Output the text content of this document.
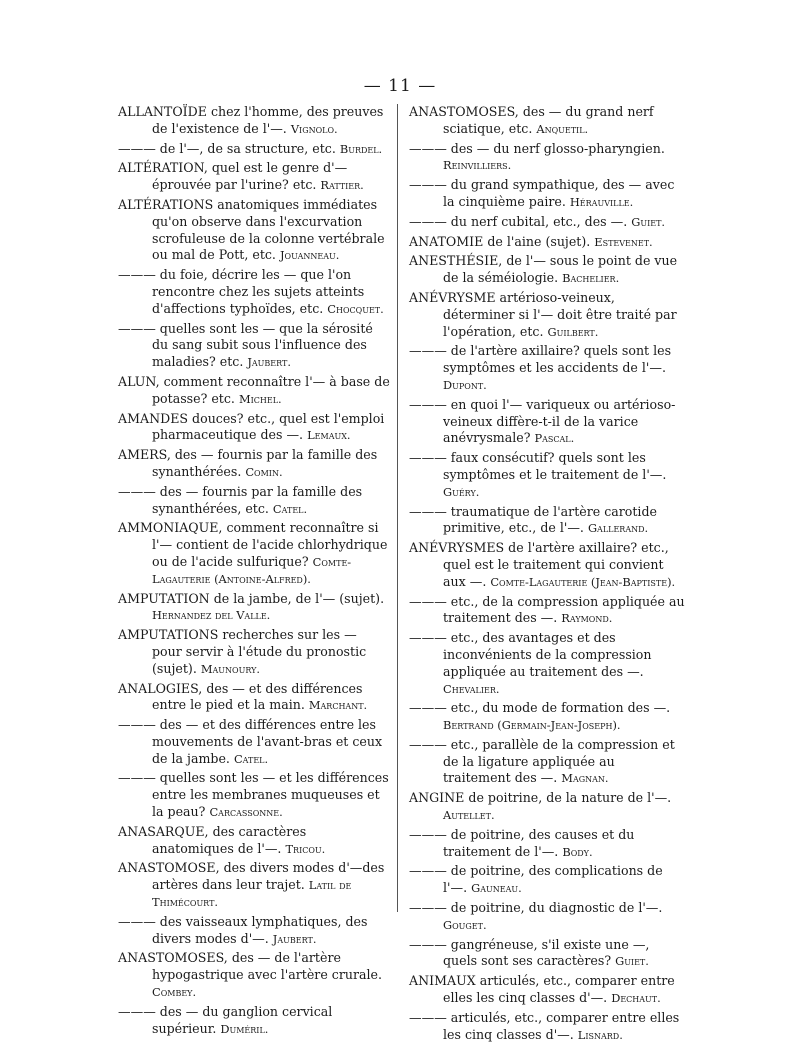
— 11 —
ALLANTOÏDE chez l'homme, des preuves de l'existence de l'—. Vignolo.
——— de l'—, de sa structure, etc. Burdel.
ALTÉRATION, quel est le genre d'— éprouvée par l'urine? etc. Rattier.
ALTÉRATIONS anatomiques immédiates qu'on observe dans l'excurvation scrofuleuse de la colonne vertébrale ou mal de Pott, etc. Jouanneau.
——— du foie, décrire les — que l'on rencontre chez les sujets atteints d'affections typhoïdes, etc. Chocquet.
——— quelles sont les — que la sérosité du sang subit sous l'influence des maladies? etc. Jaubert.
ALUN, comment reconnaître l'— à base de potasse? etc. Michel.
AMANDES douces? etc., quel est l'emploi pharmaceutique des —. Lemaux.
AMERS, des — fournis par la famille des synanthérées. Comin.
——— des — fournis par la famille des synanthérées, etc. Catel.
AMMONIAQUE, comment reconnaître si l'— contient de l'acide chlorhydrique ou de l'acide sulfurique? Comte-Lagauterie (Antoine-Alfred).
AMPUTATION de la jambe, de l'— (sujet). Hernandez del Valle.
AMPUTATIONS recherches sur les — pour servir à l'étude du pronostic (sujet). Maunoury.
ANALOGIES, des — et des différences entre le pied et la main. Marchant.
——— des — et des différences entre les mouvements de l'avant-bras et ceux de la jambe. Catel.
——— quelles sont les — et les différences entre les membranes muqueuses et la peau? Carcassonne.
ANASARQUE, des caractères anatomiques de l'—. Tricou.
ANASTOMOSE, des divers modes d'—des artères dans leur trajet. Latil de Thimécourt.
——— des vaisseaux lymphatiques, des divers modes d'—. Jaubert.
ANASTOMOSES, des — de l'artère hypogastrique avec l'artère crurale. Combey.
——— des — du ganglion cervical supérieur. Duméril.
ANASTOMOSES, des — du grand nerf sciatique, etc. Anquetil.
——— des — du nerf glosso-pharyngien. Reinvilliers.
——— du grand sympathique, des — avec la cinquième paire. Hérauville.
——— du nerf cubital, etc., des —. Guiet.
ANATOMIE de l'aine (sujet). Estevenet.
ANESTHÉSIE, de l'— sous le point de vue de la séméiologie. Bachelier.
ANÉVRYSME artérioso-veineux, déterminer si l'— doit être traité par l'opération, etc. Guilbert.
——— de l'artère axillaire? quels sont les symptômes et les accidents de l'—. Dupont.
——— en quoi l'— variqueux ou artérioso-veineux diffère-t-il de la varice anévrysmale? Pascal.
——— faux consécutif? quels sont les symptômes et le traitement de l'—. Guéry.
——— traumatique de l'artère carotide primitive, etc., de l'—. Gallerand.
ANÉVRYSMES de l'artère axillaire? etc., quel est le traitement qui convient aux —. Comte-Lagauterie (Jean-Baptiste).
——— etc., de la compression appliquée au traitement des —. Raymond.
——— etc., des avantages et des inconvénients de la compression appliquée au traitement des —. Chevalier.
——— etc., du mode de formation des —. Bertrand (Germain-Jean-Joseph).
——— etc., parallèle de la compression et de la ligature appliquée au traitement des —. Magnan.
ANGINE de poitrine, de la nature de l'—. Autellet.
——— de poitrine, des causes et du traitement de l'—. Body.
——— de poitrine, des complications de l'—. Gauneau.
——— de poitrine, du diagnostic de l'—. Gouget.
——— gangréneuse, s'il existe une —, quels sont ses caractères? Guiet.
ANIMAUX articulés, etc., comparer entre elles les cinq classes d'—. Dechaut.
——— articulés, etc., comparer entre elles les cinq classes d'—. Lisnard.
